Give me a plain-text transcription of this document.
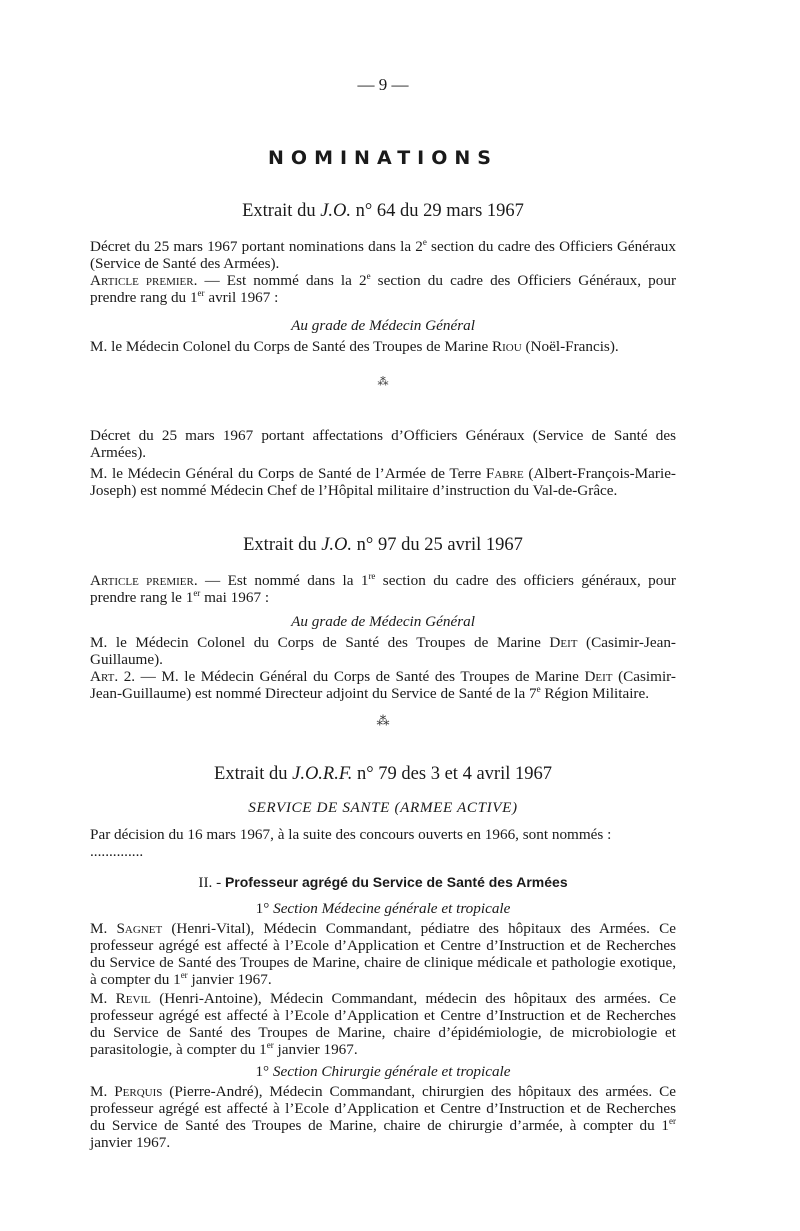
— 9 —
NOMINATIONS
Extrait du J.O. n° 64 du 29 mars 1967

Décret du 25 mars 1967 portant nominations dans la 2e section du cadre des Officiers Généraux (Service de Santé des Armées).

Article premier. — Est nommé dans la 2e section du cadre des Officiers Généraux, pour prendre rang du 1er avril 1967 :

Au grade de Médecin Général

M. le Médecin Colonel du Corps de Santé des Troupes de Marine Riou (Noël-Francis).

⁂

Décret du 25 mars 1967 portant affectations d’Officiers Généraux (Service de Santé des Armées).

M. le Médecin Général du Corps de Santé de l’Armée de Terre Fabre (Albert-François-Marie-Joseph) est nommé Médecin Chef de l’Hôpital militaire d’instruction du Val-de-Grâce.

Extrait du J.O. n° 97 du 25 avril 1967

Article premier. — Est nommé dans la 1re section du cadre des officiers généraux, pour prendre rang le 1er mai 1967 :

Au grade de Médecin Général

M. le Médecin Colonel du Corps de Santé des Troupes de Marine Deit (Casimir-Jean-Guillaume).

Art. 2. — M. le Médecin Général du Corps de Santé des Troupes de Marine Deit (Casimir-Jean-Guillaume) est nommé Directeur adjoint du Service de Santé de la 7e Région Militaire.

⁂
Extrait du J.O.R.F. n° 79 des 3 et 4 avril 1967
SERVICE DE SANTE (ARMEE ACTIVE)

Par décision du 16 mars 1967, à la suite des concours ouverts en 1966, sont nommés :

..............
II. - Professeur agrégé du Service de Santé des Armées
1° Section Médecine générale et tropicale

M. Sagnet (Henri-Vital), Médecin Commandant, pédiatre des hôpitaux des Armées. Ce professeur agrégé est affecté à l’Ecole d’Application et Centre d’Instruction et de Recherches du Service de Santé des Troupes de Marine, chaire de clinique médicale et pathologie exotique, à compter du 1er janvier 1967.

M. Revil (Henri-Antoine), Médecin Commandant, médecin des hôpitaux des armées. Ce professeur agrégé est affecté à l’Ecole d’Application et Centre d’Instruction et de Recherches du Service de Santé des Troupes de Marine, chaire d’épidémiologie, de microbiologie et parasitologie, à compter du 1er janvier 1967.

1° Section Chirurgie générale et tropicale

M. Perquis (Pierre-André), Médecin Commandant, chirurgien des hôpitaux des armées. Ce professeur agrégé est affecté à l’Ecole d’Application et Centre d’Instruction et de Recherches du Service de Santé des Troupes de Marine, chaire de chirurgie d’armée, à compter du 1er janvier 1967.
